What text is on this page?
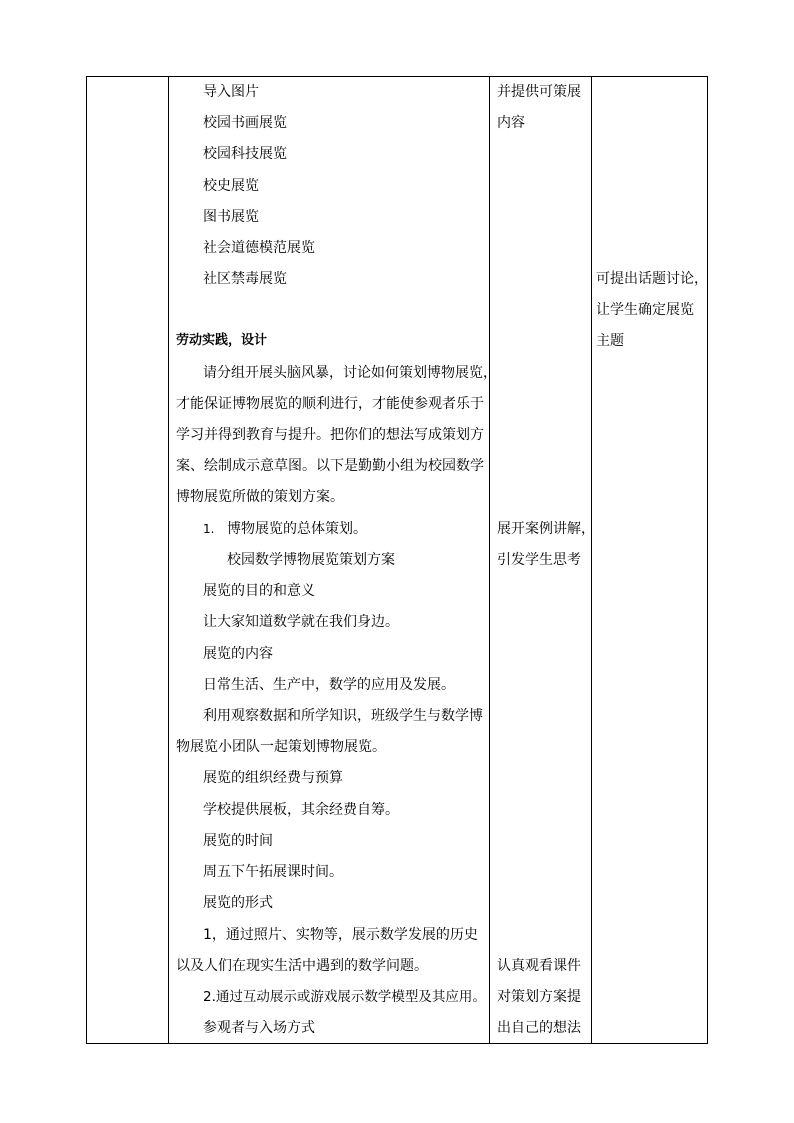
导入图片
校园书画展览
校园科技展览
校史展览
图书展览
社会道德模范展览
社区禁毒展览
劳动实践，设计
请分组开展头脑风暴，讨论如何策划博物展览，
才能保证博物展览的顺利进行，才能使参观者乐于
学习并得到教育与提升。把你们的想法写成策划方
案、绘制成示意草图。以下是勤勤小组为校园数学
博物展览所做的策划方案。
1. 博物展览的总体策划。
校园数学博物展览策划方案
展览的目的和意义
让大家知道数学就在我们身边。
展览的内容
日常生活、生产中，数学的应用及发展。
利用观察数据和所学知识，班级学生与数学博
物展览小团队一起策划博物展览。
展览的组织经费与预算
学校提供展板，其余经费自筹。
展览的时间
周五下午拓展课时间。
展览的形式
1，通过照片、实物等，展示数学发展的历史
以及人们在现实生活中遇到的数学问题。
2.通过互动展示或游戏展示数学模型及其应用。
参观者与入场方式
并提供可策展
内容
展开案例讲解，
引发学生思考
认真观看课件
对策划方案提
出自己的想法
可提出话题讨论，
让学生确定展览
主题
